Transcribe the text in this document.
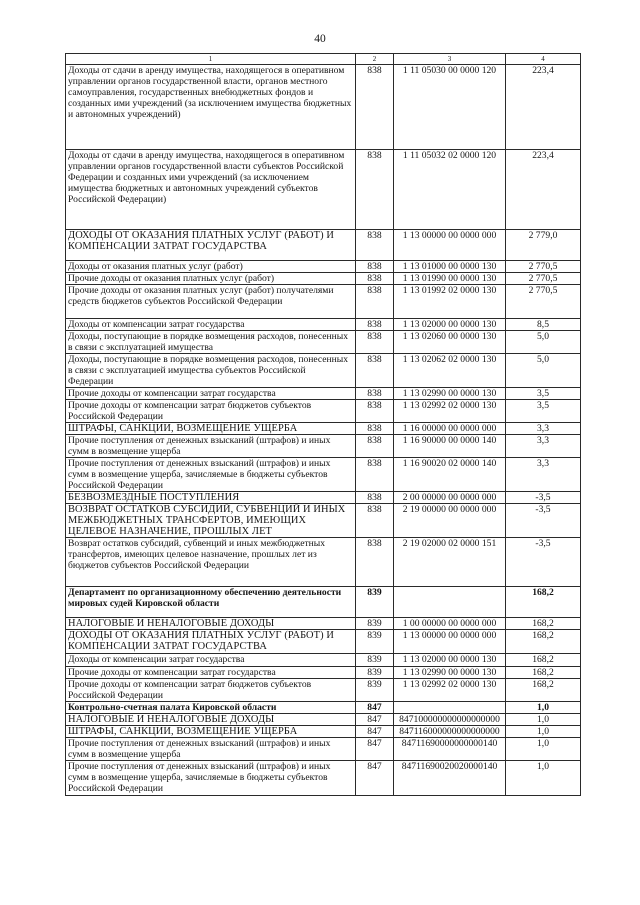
40
1	2	3	4
Доходы от сдачи в аренду имущества, находящегося в оперативном управлении органов государственной власти, органов местного самоуправления, государственных внебюджетных фондов и созданных ими учреждений (за исключением имущества бюджетных и автономных учреждений)	838	1 11 05030 00 0000 120	223,4
Доходы от сдачи в аренду имущества, находящегося в оперативном управлении органов государственной власти субъектов Российской Федерации и созданных ими учреждений (за исключением имущества бюджетных и автономных учреждений субъектов Российской Федерации)	838	1 11 05032 02 0000 120	223,4
ДОХОДЫ ОТ ОКАЗАНИЯ ПЛАТНЫХ УСЛУГ (РАБОТ) И КОМПЕНСАЦИИ ЗАТРАТ ГОСУДАРСТВА	838	1 13 00000 00 0000 000	2 779,0
Доходы от оказания платных услуг (работ)	838	1 13 01000 00 0000 130	2 770,5
Прочие доходы от оказания платных услуг (работ)	838	1 13 01990 00 0000 130	2 770,5
Прочие доходы от оказания платных услуг (работ) получателями средств бюджетов субъектов Российской Федерации	838	1 13 01992 02 0000 130	2 770,5
Доходы от компенсации затрат государства	838	1 13 02000 00 0000 130	8,5
Доходы, поступающие в порядке возмещения расходов, понесенных в связи с эксплуатацией имущества	838	1 13 02060 00 0000 130	5,0
Доходы, поступающие в порядке возмещения расходов, понесенных в связи с эксплуатацией имущества субъектов Российской Федерации	838	1 13 02062 02 0000 130	5,0
Прочие доходы от компенсации затрат государства	838	1 13 02990 00 0000 130	3,5
Прочие доходы от компенсации затрат бюджетов субъектов Российской Федерации	838	1 13 02992 02 0000 130	3,5
ШТРАФЫ, САНКЦИИ, ВОЗМЕЩЕНИЕ УЩЕРБА	838	1 16 00000 00 0000 000	3,3
Прочие поступления от денежных взысканий (штрафов) и иных сумм в возмещение ущерба	838	1 16 90000 00 0000 140	3,3
Прочие поступления от денежных взысканий (штрафов) и иных сумм в возмещение ущерба, зачисляемые в бюджеты субъектов Российской Федерации	838	1 16 90020 02 0000 140	3,3
БЕЗВОЗМЕЗДНЫЕ ПОСТУПЛЕНИЯ	838	2 00 00000 00 0000 000	-3,5
ВОЗВРАТ ОСТАТКОВ СУБСИДИЙ, СУБВЕНЦИЙ И ИНЫХ МЕЖБЮДЖЕТНЫХ ТРАНСФЕРТОВ, ИМЕЮЩИХ ЦЕЛЕВОЕ НАЗНАЧЕНИЕ, ПРОШЛЫХ ЛЕТ	838	2 19 00000 00 0000 000	-3,5
Возврат остатков субсидий, субвенций и иных межбюджетных трансфертов, имеющих целевое назначение, прошлых лет из бюджетов субъектов Российской Федерации	838	2 19 02000 02 0000 151	-3,5
Департамент по организационному обеспечению деятельности мировых судей Кировской области	839		168,2
НАЛОГОВЫЕ И НЕНАЛОГОВЫЕ ДОХОДЫ	839	1 00 00000 00 0000 000	168,2
ДОХОДЫ ОТ ОКАЗАНИЯ ПЛАТНЫХ УСЛУГ (РАБОТ) И КОМПЕНСАЦИИ ЗАТРАТ ГОСУДАРСТВА	839	1 13 00000 00 0000 000	168,2
Доходы от компенсации затрат государства	839	1 13 02000 00 0000 130	168,2
Прочие доходы от компенсации затрат государства	839	1 13 02990 00 0000 130	168,2
Прочие доходы от компенсации затрат бюджетов субъектов Российской Федерации	839	1 13 02992 02 0000 130	168,2
Контрольно-счетная палата Кировской области	847		1,0
НАЛОГОВЫЕ И НЕНАЛОГОВЫЕ ДОХОДЫ	847	847100000000000000000	1,0
ШТРАФЫ, САНКЦИИ, ВОЗМЕЩЕНИЕ УЩЕРБА	847	847116000000000000000	1,0
Прочие поступления от денежных взысканий (штрафов) и иных сумм в возмещение ущерба	847	84711690000000000140	1,0
Прочие поступления от денежных взысканий (штрафов) и иных сумм в возмещение ущерба, зачисляемые в бюджеты субъектов Российской Федерации	847	84711690020020000140	1,0
